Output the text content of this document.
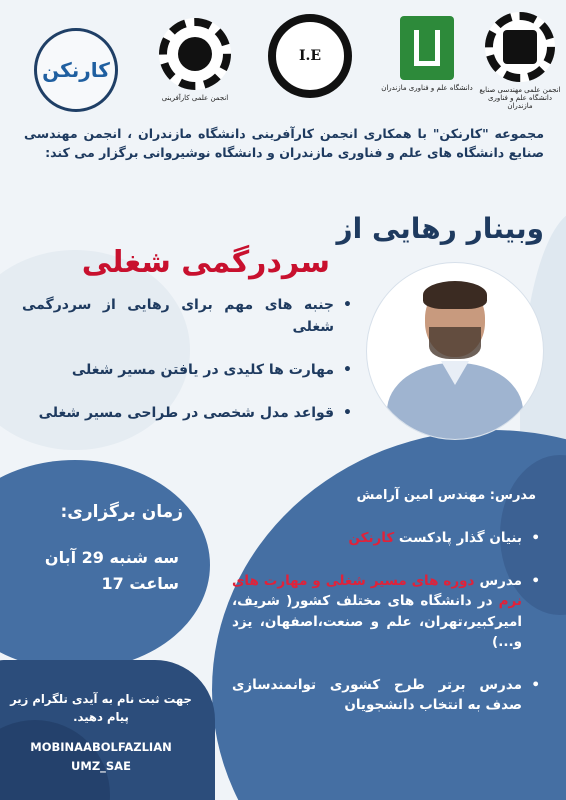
کارنکن
انجمن علمی کارآفرینی
I.E
دانشگاه علم و فناوری مازندران انجمن علمی مهندسی صنایع دانشگاه علم و فناوری مازندران
مجموعه "کارنکن" با همکاری انجمن کارآفرینی دانشگاه مازندران ، انجمن مهندسی صنایع دانشگاه های علم و فناوری مازندران و دانشگاه نوشیروانی برگزار می کند:
وبینار رهایی از
سردرگمی شغلی
• جنبه های مهم برای رهایی از سردرگمی شغلی
• مهارت ها کلیدی در یافتن مسیر شغلی
• قواعد مدل شخصی در طراحی مسیر شغلی
زمان برگزاری:
سه شنبه 29 آبان
ساعت 17
مدرس: مهندس امین آرامش
• بنیان گذار پادکست کارنکن
• مدرس دوره های مسیر شغلی و مهارت های نرم در دانشگاه های مختلف کشور( شریف، امیرکبیر،تهران، علم و صنعت،اصفهان، یزد و...)
• مدرس برتر طرح کشوری توانمندسازی صدف به انتخاب دانشجویان
جهت ثبت نام به آیدی تلگرام زیر پیام دهید.
MOBINAABOLFAZLIAN
UMZ_SAE
